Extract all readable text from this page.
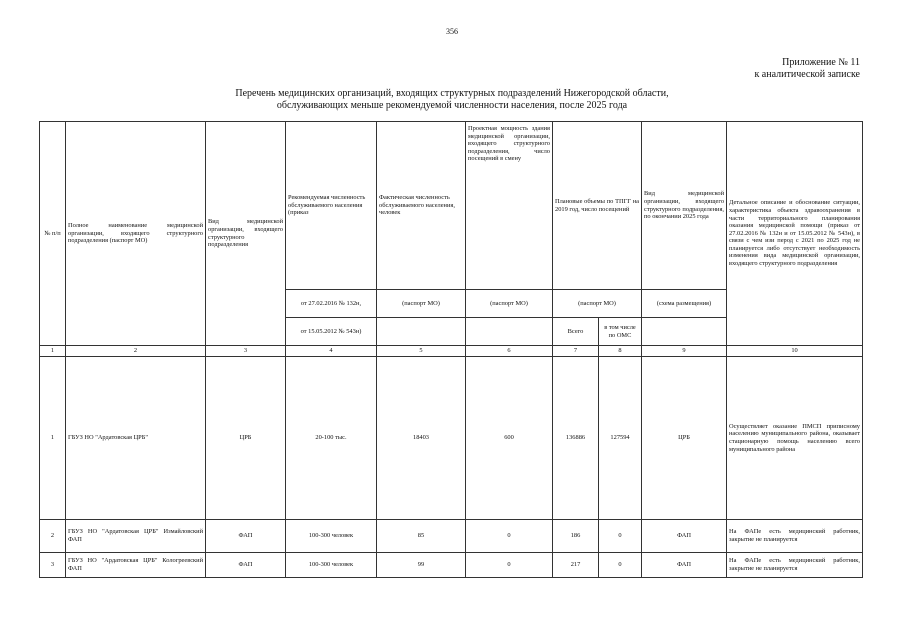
356
Приложение № 11
к аналитической записке
Перечень медицинских организаций, входящих структурных подразделений Нижегородской области,
обслуживающих меньше рекомендуемой численности населения, после 2025 года
№ п/п	Полное наименование медицинской организации, входящего структурного подразделения (паспорт МО)	Вид медицинской организации, входящего структурного подразделения	Рекомендуемая численность обслуживаемого населения (приказ	Фактическая численность обслуживаемого населения, человек	Проектная мощность здания медицинской организации, входящего структурного подразделения, число посещений в смену	Плановые объемы по ТПГГ на 2019 год, число посещений		Вид медицинской организации, входящего структурного подразделения, по окончании 2025 года	Детальное описание и обоснование ситуации, характеристика объекта здравоохранения в части территориального планирования оказания медицинской помощи (приказ от 27.02.2016 № 132н и от 15.05.2012 № 543н), в связи с чем изи перод с 2021 по 2025 год не планируется либо отсутствует необходимость изменения вида медицинской организации, входящего структурного подразделения
			от 27.02.2016 № 132н,	(паспорт МО)	(паспорт МО)	(паспорт МО)		(схема размещения)	
			от 15.05.2012 № 543н)			Всего	в том числе по ОМС		
1	2	3	4	5	6	7	8	9	10
1	ГБУЗ НО "Ардатовская ЦРБ"	ЦРБ	20-100 тыс.	18403	600	136886	127594	ЦРБ	Осуществляет оказание ПМСП приписному населению муниципального района, оказывает стационарную помощь населению всего муниципального района
2	ГБУЗ НО "Ардатовская ЦРБ" Измайловский ФАП	ФАП	100-300 человек	85	0	186	0	ФАП	На ФАПе есть медицинский работник, закрытие не планируется
3	ГБУЗ НО "Ардатовская ЦРБ" Кологреевский ФАП	ФАП	100-300 человек	99	0	217	0	ФАП	На ФАПе есть медицинский работник, закрытие не планируется
